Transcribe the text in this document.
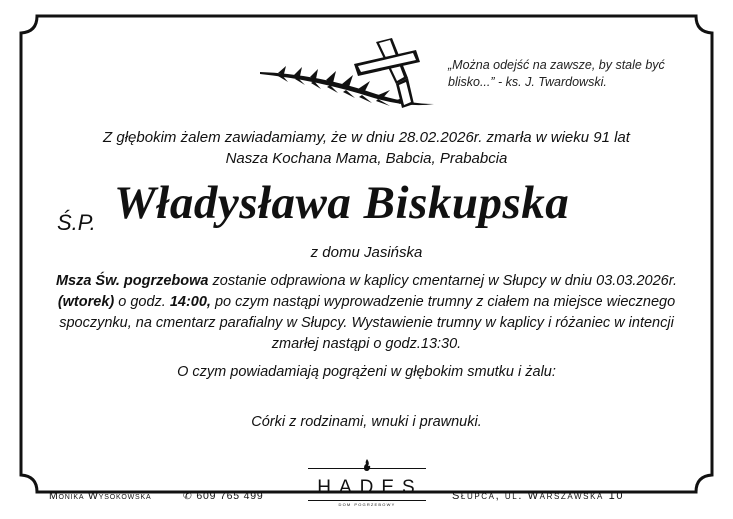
„Można odejść na zawsze, by stale być blisko...” - ks. J. Twardowski.
Z głębokim żalem zawiadamiamy, że w dniu 28.02.2026r. zmarła w wieku 91 lat
Nasza Kochana Mama, Babcia, Prababcia
Ś.P. Władysława Biskupska
z domu Jasińska
Msza Św. pogrzebowa zostanie odprawiona w kaplicy cmentarnej w Słupcy w dniu 03.03.2026r. (wtorek) o godz. 14:00, po czym nastąpi wyprowadzenie trumny z ciałem na miejsce wiecznego spoczynku, na cmentarz parafialny w Słupcy. Wystawienie trumny w kaplicy i różaniec w intencji zmarłej nastąpi o godz.13:30.
O czym powiadamiają pogrążeni w głębokim smutku i żalu:
Córki z rodzinami, wnuki i prawnuki.
Monika Wysokowska	✆ 609 765 499	HADES
dom pogrzebowy
Słupca, ul. Warszawska 10
